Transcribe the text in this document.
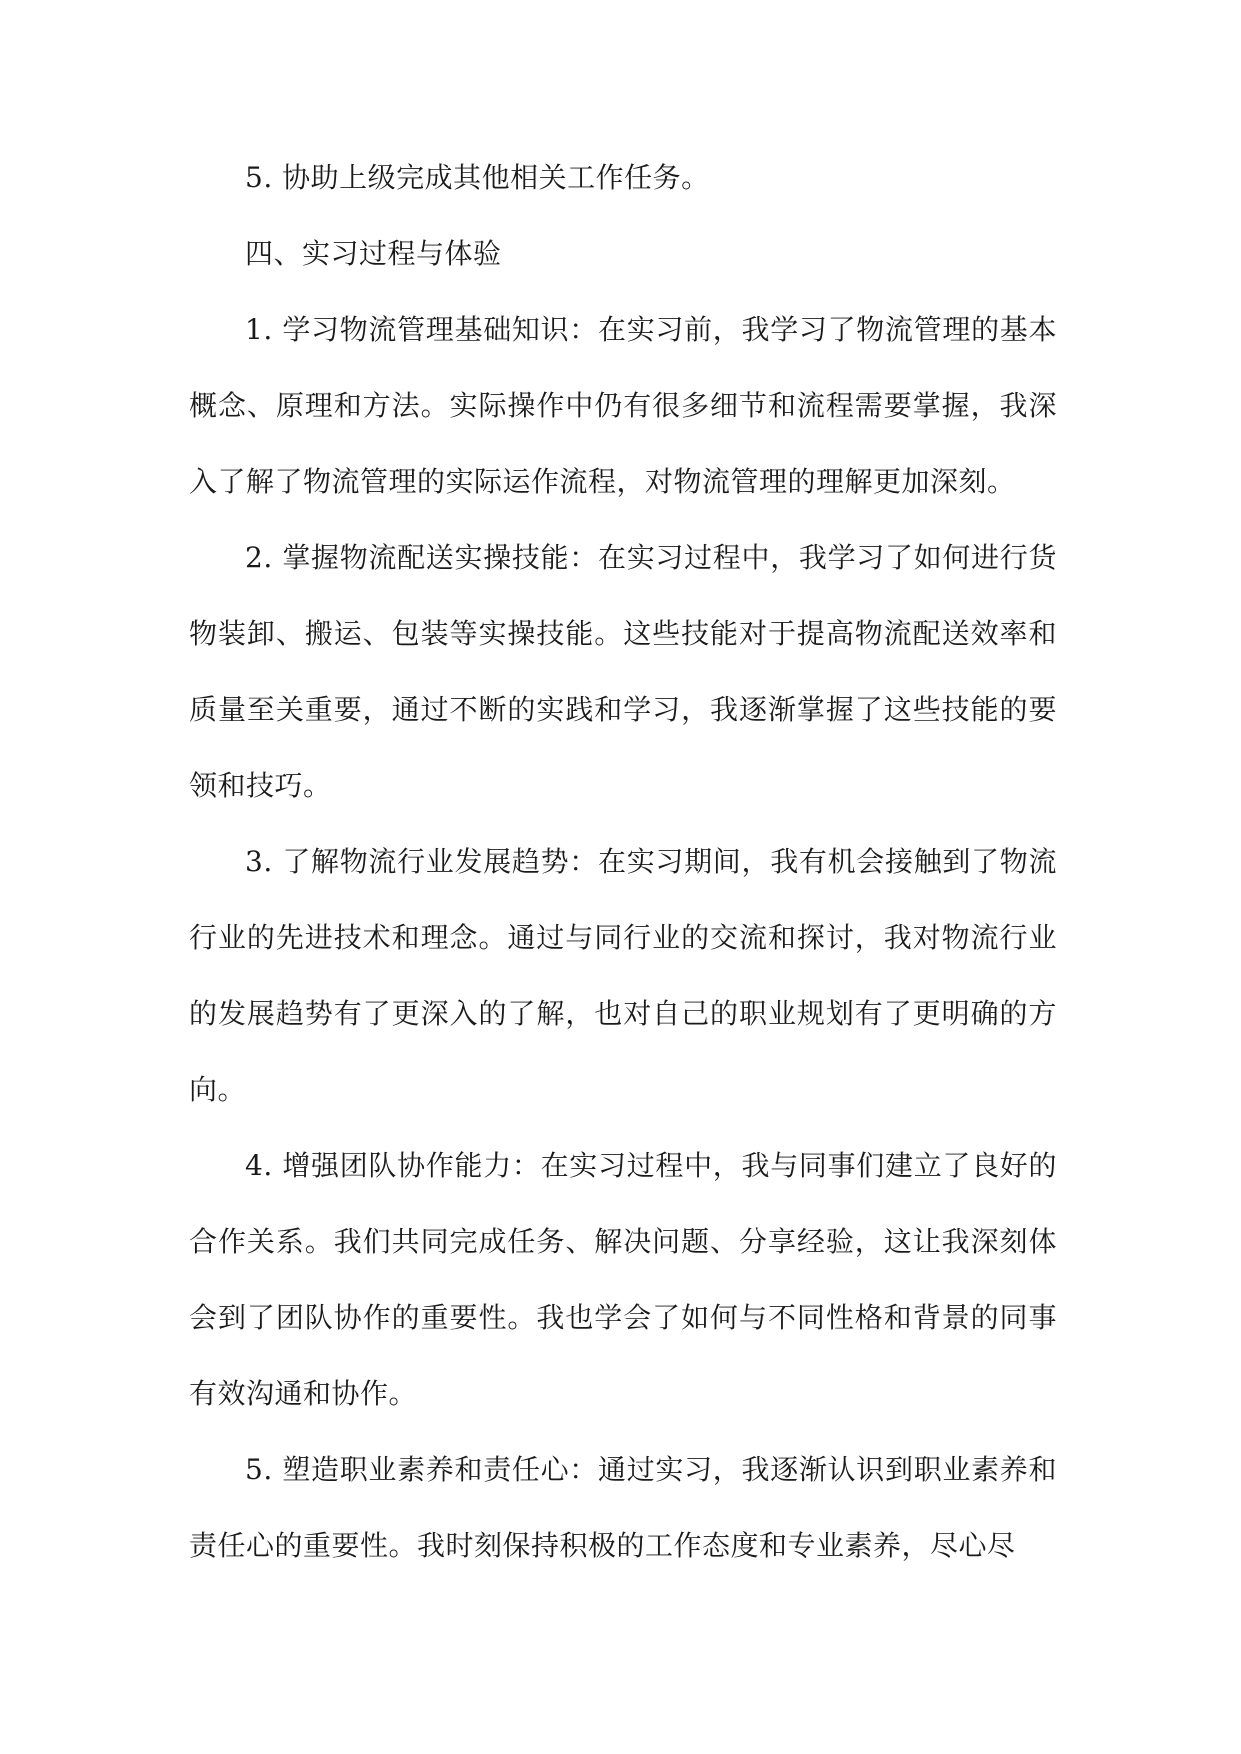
5. 协助上级完成其他相关工作任务。

四、实习过程与体验

1. 学习物流管理基础知识：在实习前，我学习了物流管理的基本概念、原理和方法。实际操作中仍有很多细节和流程需要掌握，我深入了解了物流管理的实际运作流程，对物流管理的理解更加深刻。

2. 掌握物流配送实操技能：在实习过程中，我学习了如何进行货物装卸、搬运、包装等实操技能。这些技能对于提高物流配送效率和质量至关重要，通过不断的实践和学习，我逐渐掌握了这些技能的要领和技巧。

3. 了解物流行业发展趋势：在实习期间，我有机会接触到了物流行业的先进技术和理念。通过与同行业的交流和探讨，我对物流行业的发展趋势有了更深入的了解，也对自己的职业规划有了更明确的方向。

4. 增强团队协作能力：在实习过程中，我与同事们建立了良好的合作关系。我们共同完成任务、解决问题、分享经验，这让我深刻体会到了团队协作的重要性。我也学会了如何与不同性格和背景的同事有效沟通和协作。

5. 塑造职业素养和责任心：通过实习，我逐渐认识到职业素养和责任心的重要性。我时刻保持积极的工作态度和专业素养，尽心尽
